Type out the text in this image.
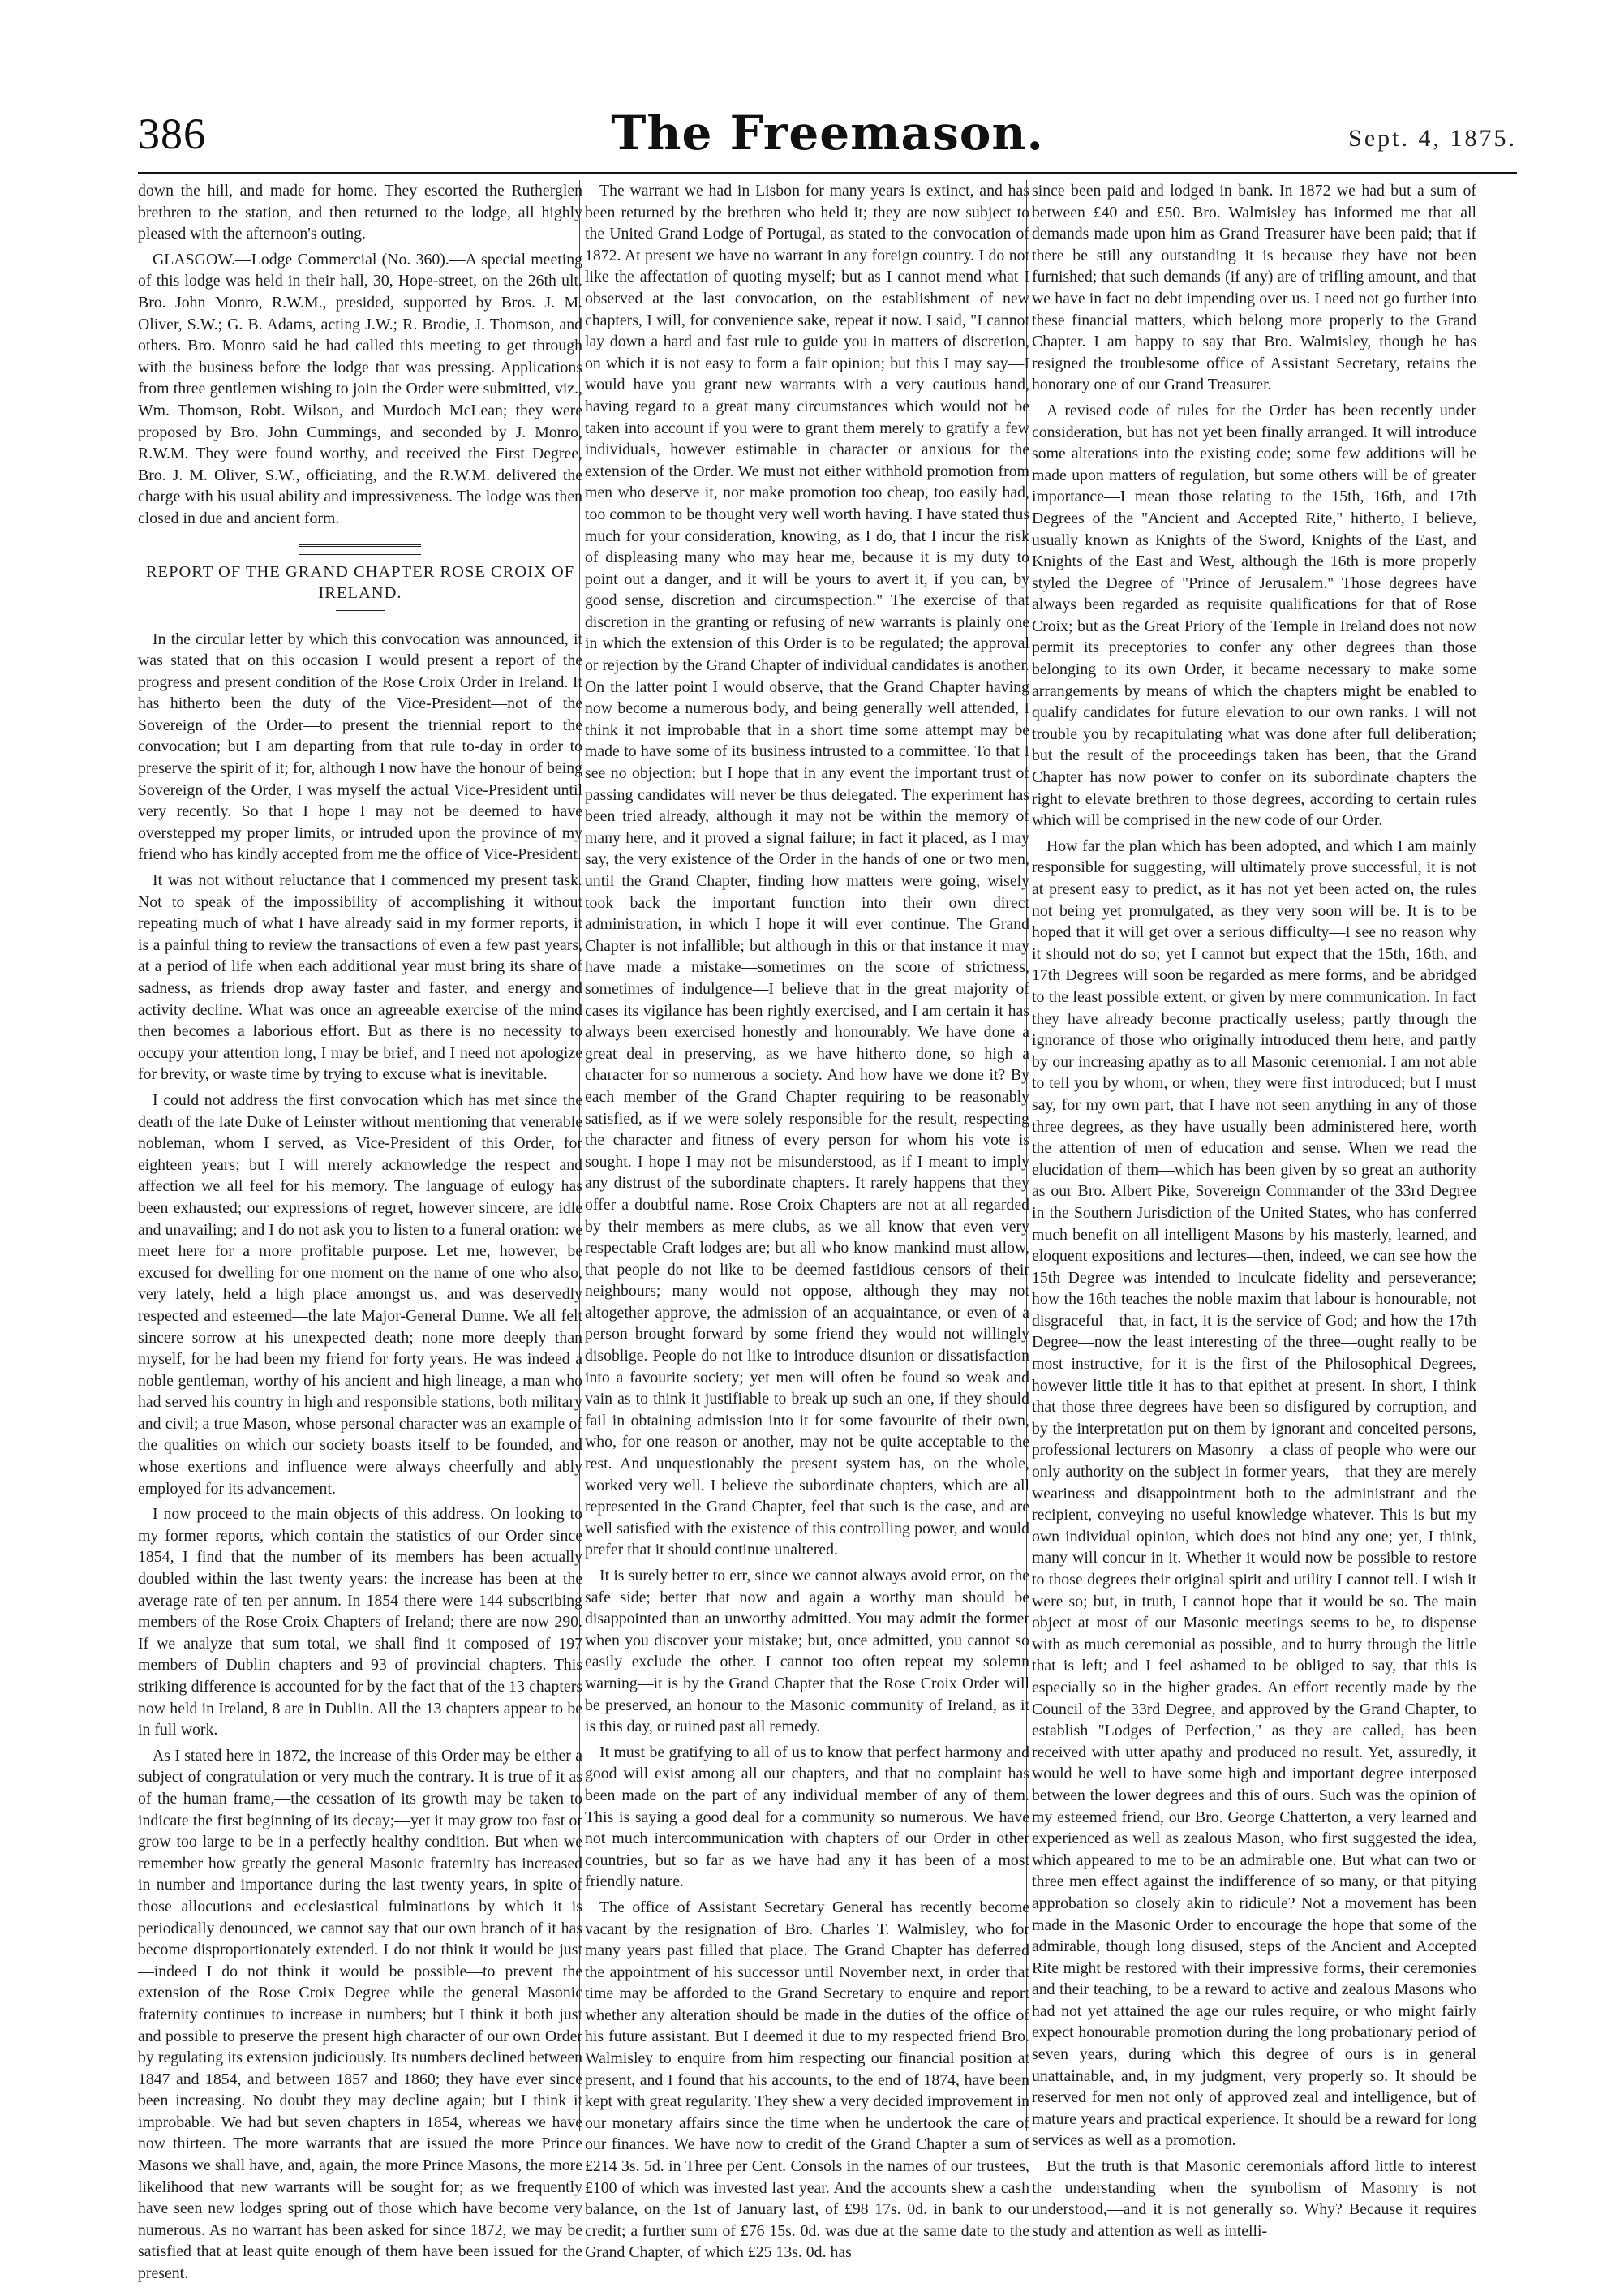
386	The Freemason.	Sept. 4, 1875.

down the hill, and made for home. They escorted the Rutherglen brethren to the station, and then returned to the lodge, all highly pleased with the afternoon's outing.

GLASGOW.—Lodge Commercial (No. 360).—A special meeting of this lodge was held in their hall, 30, Hope-street, on the 26th ult. Bro. John Monro, R.W.M., presided, supported by Bros. J. M. Oliver, S.W.; G. B. Adams, acting J.W.; R. Brodie, J. Thomson, and others. Bro. Monro said he had called this meeting to get through with the business before the lodge that was pressing. Applications from three gentlemen wishing to join the Order were submitted, viz., Wm. Thomson, Robt. Wilson, and Murdoch McLean; they were proposed by Bro. John Cummings, and seconded by J. Monro, R.W.M. They were found worthy, and received the First Degree, Bro. J. M. Oliver, S.W., officiating, and the R.W.M. delivered the charge with his usual ability and impressiveness. The lodge was then closed in due and ancient form.

REPORT OF THE GRAND CHAPTER ROSE CROIX OF IRELAND.

In the circular letter by which this convocation was announced, it was stated that on this occasion I would present a report of the progress and present condition of the Rose Croix Order in Ireland. It has hitherto been the duty of the Vice-President—not of the Sovereign of the Order—to present the triennial report to the convocation; but I am departing from that rule to-day in order to preserve the spirit of it; for, although I now have the honour of being Sovereign of the Order, I was myself the actual Vice-President until very recently. So that I hope I may not be deemed to have overstepped my proper limits, or intruded upon the province of my friend who has kindly accepted from me the office of Vice-President.

It was not without reluctance that I commenced my present task. Not to speak of the impossibility of accomplishing it without repeating much of what I have already said in my former reports, it is a painful thing to review the transactions of even a few past years, at a period of life when each additional year must bring its share of sadness, as friends drop away faster and faster, and energy and activity decline. What was once an agreeable exercise of the mind then becomes a laborious effort. But as there is no necessity to occupy your attention long, I may be brief, and I need not apologize for brevity, or waste time by trying to excuse what is inevitable.

I could not address the first convocation which has met since the death of the late Duke of Leinster without mentioning that venerable nobleman, whom I served, as Vice-President of this Order, for eighteen years; but I will merely acknowledge the respect and affection we all feel for his memory. The language of eulogy has been exhausted; our expressions of regret, however sincere, are idle and unavailing; and I do not ask you to listen to a funeral oration: we meet here for a more profitable purpose. Let me, however, be excused for dwelling for one moment on the name of one who also, very lately, held a high place amongst us, and was deservedly respected and esteemed—the late Major-General Dunne. We all felt sincere sorrow at his unexpected death; none more deeply than myself, for he had been my friend for forty years. He was indeed a noble gentleman, worthy of his ancient and high lineage, a man who had served his country in high and responsible stations, both military and civil; a true Mason, whose personal character was an example of the qualities on which our society boasts itself to be founded, and whose exertions and influence were always cheerfully and ably employed for its advancement.

I now proceed to the main objects of this address. On looking to my former reports, which contain the statistics of our Order since 1854, I find that the number of its members has been actually doubled within the last twenty years: the increase has been at the average rate of ten per annum. In 1854 there were 144 subscribing members of the Rose Croix Chapters of Ireland; there are now 290. If we analyze that sum total, we shall find it composed of 197 members of Dublin chapters and 93 of provincial chapters. This striking difference is accounted for by the fact that of the 13 chapters now held in Ireland, 8 are in Dublin. All the 13 chapters appear to be in full work.

As I stated here in 1872, the increase of this Order may be either a subject of congratulation or very much the contrary. It is true of it as of the human frame,—the cessation of its growth may be taken to indicate the first beginning of its decay;—yet it may grow too fast or grow too large to be in a perfectly healthy condition. But when we remember how greatly the general Masonic fraternity has increased in number and importance during the last twenty years, in spite of those allocutions and ecclesiastical fulminations by which it is periodically denounced, we cannot say that our own branch of it has become disproportionately extended. I do not think it would be just—indeed I do not think it would be possible—to prevent the extension of the Rose Croix Degree while the general Masonic fraternity continues to increase in numbers; but I think it both just and possible to preserve the present high character of our own Order by regulating its extension judiciously. Its numbers declined between 1847 and 1854, and between 1857 and 1860; they have ever since been increasing. No doubt they may decline again; but I think it improbable. We had but seven chapters in 1854, whereas we have now thirteen. The more warrants that are issued the more Prince Masons we shall have, and, again, the more Prince Masons, the more likelihood that new warrants will be sought for; as we frequently have seen new lodges spring out of those which have become very numerous. As no warrant has been asked for since 1872, we may be satisfied that at least quite enough of them have been issued for the present.

The warrant we had in Lisbon for many years is extinct, and has been returned by the brethren who held it; they are now subject to the United Grand Lodge of Portugal, as stated to the convocation of 1872. At present we have no warrant in any foreign country. I do not like the affectation of quoting myself; but as I cannot mend what I observed at the last convocation, on the establishment of new chapters, I will, for convenience sake, repeat it now. I said, "I cannot lay down a hard and fast rule to guide you in matters of discretion, on which it is not easy to form a fair opinion; but this I may say—I would have you grant new warrants with a very cautious hand, having regard to a great many circumstances which would not be taken into account if you were to grant them merely to gratify a few individuals, however estimable in character or anxious for the extension of the Order. We must not either withhold promotion from men who deserve it, nor make promotion too cheap, too easily had, too common to be thought very well worth having. I have stated thus much for your consideration, knowing, as I do, that I incur the risk of displeasing many who may hear me, because it is my duty to point out a danger, and it will be yours to avert it, if you can, by good sense, discretion and circumspection." The exercise of that discretion in the granting or refusing of new warrants is plainly one in which the extension of this Order is to be regulated; the approval or rejection by the Grand Chapter of individual candidates is another. On the latter point I would observe, that the Grand Chapter having now become a numerous body, and being generally well attended, I think it not improbable that in a short time some attempt may be made to have some of its business intrusted to a committee. To that I see no objection; but I hope that in any event the important trust of passing candidates will never be thus delegated. The experiment has been tried already, although it may not be within the memory of many here, and it proved a signal failure; in fact it placed, as I may say, the very existence of the Order in the hands of one or two men, until the Grand Chapter, finding how matters were going, wisely took back the important function into their own direct administration, in which I hope it will ever continue. The Grand Chapter is not infallible; but although in this or that instance it may have made a mistake—sometimes on the score of strictness, sometimes of indulgence—I believe that in the great majority of cases its vigilance has been rightly exercised, and I am certain it has always been exercised honestly and honourably. We have done a great deal in preserving, as we have hitherto done, so high a character for so numerous a society. And how have we done it? By each member of the Grand Chapter requiring to be reasonably satisfied, as if we were solely responsible for the result, respecting the character and fitness of every person for whom his vote is sought. I hope I may not be misunderstood, as if I meant to imply any distrust of the subordinate chapters. It rarely happens that they offer a doubtful name. Rose Croix Chapters are not at all regarded by their members as mere clubs, as we all know that even very respectable Craft lodges are; but all who know mankind must allow, that people do not like to be deemed fastidious censors of their neighbours; many would not oppose, although they may not altogether approve, the admission of an acquaintance, or even of a person brought forward by some friend they would not willingly disoblige. People do not like to introduce disunion or dissatisfaction into a favourite society; yet men will often be found so weak and vain as to think it justifiable to break up such an one, if they should fail in obtaining admission into it for some favourite of their own, who, for one reason or another, may not be quite acceptable to the rest. And unquestionably the present system has, on the whole, worked very well. I believe the subordinate chapters, which are all represented in the Grand Chapter, feel that such is the case, and are well satisfied with the existence of this controlling power, and would prefer that it should continue unaltered.

It is surely better to err, since we cannot always avoid error, on the safe side; better that now and again a worthy man should be disappointed than an unworthy admitted. You may admit the former when you discover your mistake; but, once admitted, you cannot so easily exclude the other. I cannot too often repeat my solemn warning—it is by the Grand Chapter that the Rose Croix Order will be preserved, an honour to the Masonic community of Ireland, as it is this day, or ruined past all remedy.

It must be gratifying to all of us to know that perfect harmony and good will exist among all our chapters, and that no complaint has been made on the part of any individual member of any of them. This is saying a good deal for a community so numerous. We have not much intercommunication with chapters of our Order in other countries, but so far as we have had any it has been of a most friendly nature.

The office of Assistant Secretary General has recently become vacant by the resignation of Bro. Charles T. Walmisley, who for many years past filled that place. The Grand Chapter has deferred the appointment of his successor until November next, in order that time may be afforded to the Grand Secretary to enquire and report whether any alteration should be made in the duties of the office of his future assistant. But I deemed it due to my respected friend Bro. Walmisley to enquire from him respecting our financial position at present, and I found that his accounts, to the end of 1874, have been kept with great regularity. They shew a very decided improvement in our monetary affairs since the time when he undertook the care of our finances. We have now to credit of the Grand Chapter a sum of £214 3s. 5d. in Three per Cent. Consols in the names of our trustees, £100 of which was invested last year. And the accounts shew a cash balance, on the 1st of January last, of £98 17s. 0d. in bank to our credit; a further sum of £76 15s. 0d. was due at the same date to the Grand Chapter, of which £25 13s. 0d. has

since been paid and lodged in bank. In 1872 we had but a sum of between £40 and £50. Bro. Walmisley has informed me that all demands made upon him as Grand Treasurer have been paid; that if there be still any outstanding it is because they have not been furnished; that such demands (if any) are of trifling amount, and that we have in fact no debt impending over us. I need not go further into these financial matters, which belong more properly to the Grand Chapter. I am happy to say that Bro. Walmisley, though he has resigned the troublesome office of Assistant Secretary, retains the honorary one of our Grand Treasurer.

A revised code of rules for the Order has been recently under consideration, but has not yet been finally arranged. It will introduce some alterations into the existing code; some few additions will be made upon matters of regulation, but some others will be of greater importance—I mean those relating to the 15th, 16th, and 17th Degrees of the "Ancient and Accepted Rite," hitherto, I believe, usually known as Knights of the Sword, Knights of the East, and Knights of the East and West, although the 16th is more properly styled the Degree of "Prince of Jerusalem." Those degrees have always been regarded as requisite qualifications for that of Rose Croix; but as the Great Priory of the Temple in Ireland does not now permit its preceptories to confer any other degrees than those belonging to its own Order, it became necessary to make some arrangements by means of which the chapters might be enabled to qualify candidates for future elevation to our own ranks. I will not trouble you by recapitulating what was done after full deliberation; but the result of the proceedings taken has been, that the Grand Chapter has now power to confer on its subordinate chapters the right to elevate brethren to those degrees, according to certain rules which will be comprised in the new code of our Order.

How far the plan which has been adopted, and which I am mainly responsible for suggesting, will ultimately prove successful, it is not at present easy to predict, as it has not yet been acted on, the rules not being yet promulgated, as they very soon will be. It is to be hoped that it will get over a serious difficulty—I see no reason why it should not do so; yet I cannot but expect that the 15th, 16th, and 17th Degrees will soon be regarded as mere forms, and be abridged to the least possible extent, or given by mere communication. In fact they have already become practically useless; partly through the ignorance of those who originally introduced them here, and partly by our increasing apathy as to all Masonic ceremonial. I am not able to tell you by whom, or when, they were first introduced; but I must say, for my own part, that I have not seen anything in any of those three degrees, as they have usually been administered here, worth the attention of men of education and sense. When we read the elucidation of them—which has been given by so great an authority as our Bro. Albert Pike, Sovereign Commander of the 33rd Degree in the Southern Jurisdiction of the United States, who has conferred much benefit on all intelligent Masons by his masterly, learned, and eloquent expositions and lectures—then, indeed, we can see how the 15th Degree was intended to inculcate fidelity and perseverance; how the 16th teaches the noble maxim that labour is honourable, not disgraceful—that, in fact, it is the service of God; and how the 17th Degree—now the least interesting of the three—ought really to be most instructive, for it is the first of the Philosophical Degrees, however little title it has to that epithet at present. In short, I think that those three degrees have been so disfigured by corruption, and by the interpretation put on them by ignorant and conceited persons, professional lecturers on Masonry—a class of people who were our only authority on the subject in former years,—that they are merely weariness and disappointment both to the administrant and the recipient, conveying no useful knowledge whatever. This is but my own individual opinion, which does not bind any one; yet, I think, many will concur in it. Whether it would now be possible to restore to those degrees their original spirit and utility I cannot tell. I wish it were so; but, in truth, I cannot hope that it would be so. The main object at most of our Masonic meetings seems to be, to dispense with as much ceremonial as possible, and to hurry through the little that is left; and I feel ashamed to be obliged to say, that this is especially so in the higher grades. An effort recently made by the Council of the 33rd Degree, and approved by the Grand Chapter, to establish "Lodges of Perfection," as they are called, has been received with utter apathy and produced no result. Yet, assuredly, it would be well to have some high and important degree interposed between the lower degrees and this of ours. Such was the opinion of my esteemed friend, our Bro. George Chatterton, a very learned and experienced as well as zealous Mason, who first suggested the idea, which appeared to me to be an admirable one. But what can two or three men effect against the indifference of so many, or that pitying approbation so closely akin to ridicule? Not a movement has been made in the Masonic Order to encourage the hope that some of the admirable, though long disused, steps of the Ancient and Accepted Rite might be restored with their impressive forms, their ceremonies and their teaching, to be a reward to active and zealous Masons who had not yet attained the age our rules require, or who might fairly expect honourable promotion during the long probationary period of seven years, during which this degree of ours is in general unattainable, and, in my judgment, very properly so. It should be reserved for men not only of approved zeal and intelligence, but of mature years and practical experience. It should be a reward for long services as well as a promotion.

But the truth is that Masonic ceremonials afford little to interest the understanding when the symbolism of Masonry is not understood,—and it is not generally so. Why? Because it requires study and attention as well as intelli-
